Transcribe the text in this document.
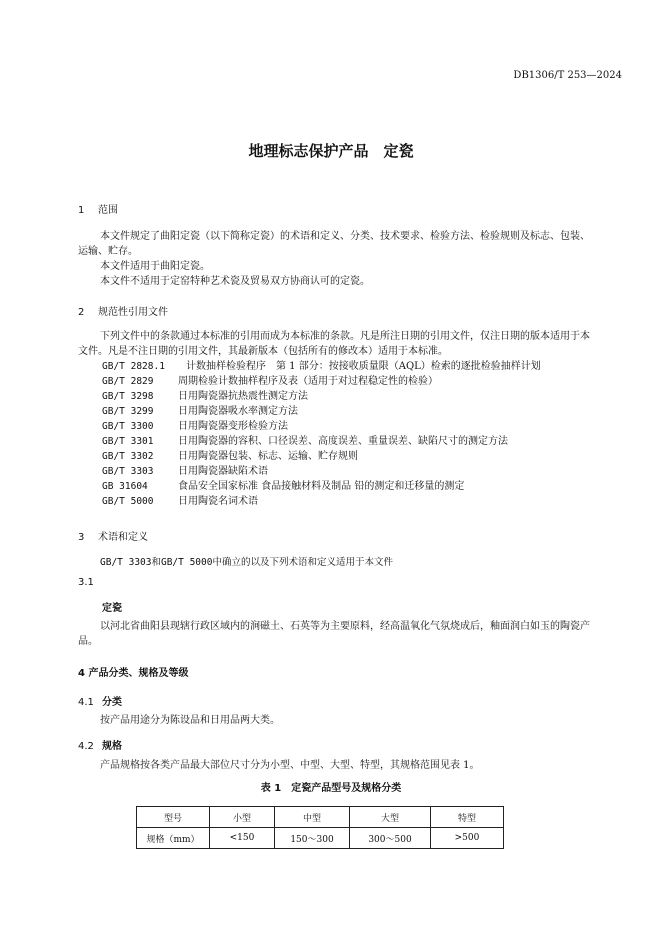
DB1306/T 253—2024
地理标志保护产品　定瓷
1 范围
本文件规定了曲阳定瓷（以下简称定瓷）的术语和定义、分类、技术要求、检验方法、检验规则及标志、包装、运输、贮存。
本文件适用于曲阳定瓷。
本文件不适用于定窑特种艺术瓷及贸易双方协商认可的定瓷。
2 规范性引用文件
下列文件中的条款通过本标准的引用而成为本标准的条款。凡是所注日期的引用文件，仅注日期的版本适用于本文件。凡是不注日期的引用文件，其最新版本（包括所有的修改本）适用于本标准。
GB/T 2828.1 计数抽样检验程序　第 1 部分：按接收质量限（AQL）检索的逐批检验抽样计划
GB/T 2829 周期检验计数抽样程序及表（适用于对过程稳定性的检验）
GB/T 3298 日用陶瓷器抗热震性测定方法
GB/T 3299 日用陶瓷器吸水率测定方法
GB/T 3300 日用陶瓷器变形检验方法
GB/T 3301 日用陶瓷器的容积、口径误差、高度误差、重量误差、缺陷尺寸的测定方法
GB/T 3302 日用陶瓷器包装、标志、运输、贮存规则
GB/T 3303 日用陶瓷器缺陷术语
GB 31604	食品安全国家标准 食品接触材料及制品 铅的测定和迁移量的测定
GB/T 5000 日用陶瓷名词术语
3 术语和定义
GB/T 3303和GB/T 5000中确立的以及下列术语和定义适用于本文件
3.1
定瓷
以河北省曲阳县现辖行政区域内的涧磁土、石英等为主要原料，经高温氧化气氛烧成后，釉面润白如玉的陶瓷产品。
4 产品分类、规格及等级
4.1 分类
按产品用途分为陈设品和日用品两大类。
4.2 规格
产品规格按各类产品最大部位尺寸分为小型、中型、大型、特型，其规格范围见表 1。
表 1　定瓷产品型号及规格分类
型号	小型	中型	大型	特型
规格（mm）	<150	150～300	300～500	>500
